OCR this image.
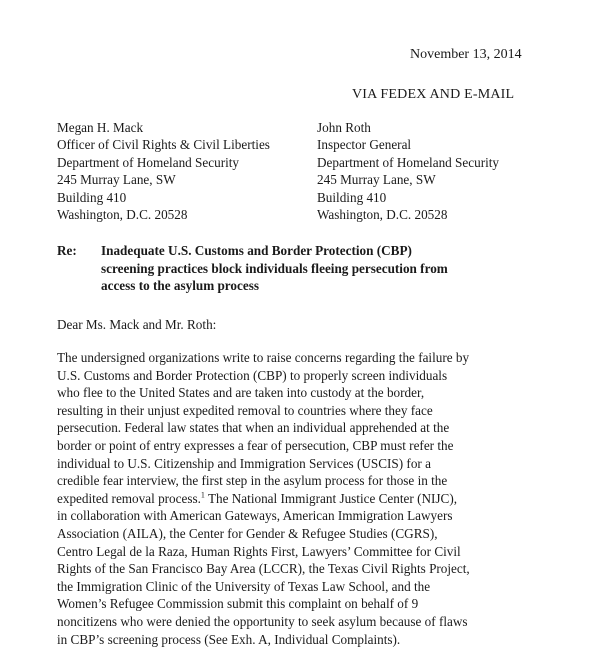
November 13, 2014
VIA FEDEX AND E-MAIL
Megan H. Mack
Officer of Civil Rights & Civil Liberties
Department of Homeland Security
245 Murray Lane, SW
Building 410
Washington, D.C. 20528
John Roth
Inspector General
Department of Homeland Security
245 Murray Lane, SW
Building 410
Washington, D.C. 20528
Re: Inadequate U.S. Customs and Border Protection (CBP)
screening practices block individuals fleeing persecution from
access to the asylum process
Dear Ms. Mack and Mr. Roth:
The undersigned organizations write to raise concerns regarding the failure by
U.S. Customs and Border Protection (CBP) to properly screen individuals
who flee to the United States and are taken into custody at the border,
resulting in their unjust expedited removal to countries where they face
persecution. Federal law states that when an individual apprehended at the
border or point of entry expresses a fear of persecution, CBP must refer the
individual to U.S. Citizenship and Immigration Services (USCIS) for a
credible fear interview, the first step in the asylum process for those in the
expedited removal process.$^1$ The National Immigrant Justice Center (NIJC),
in collaboration with American Gateways, American Immigration Lawyers
Association (AILA), the Center for Gender & Refugee Studies (CGRS),
Centro Legal de la Raza, Human Rights First, Lawyers’ Committee for Civil
Rights of the San Francisco Bay Area (LCCR), the Texas Civil Rights Project,
the Immigration Clinic of the University of Texas Law School, and the
Women’s Refugee Commission submit this complaint on behalf of 9
noncitizens who were denied the opportunity to seek asylum because of flaws
in CBP’s screening process (See Exh. A, Individual Complaints).
